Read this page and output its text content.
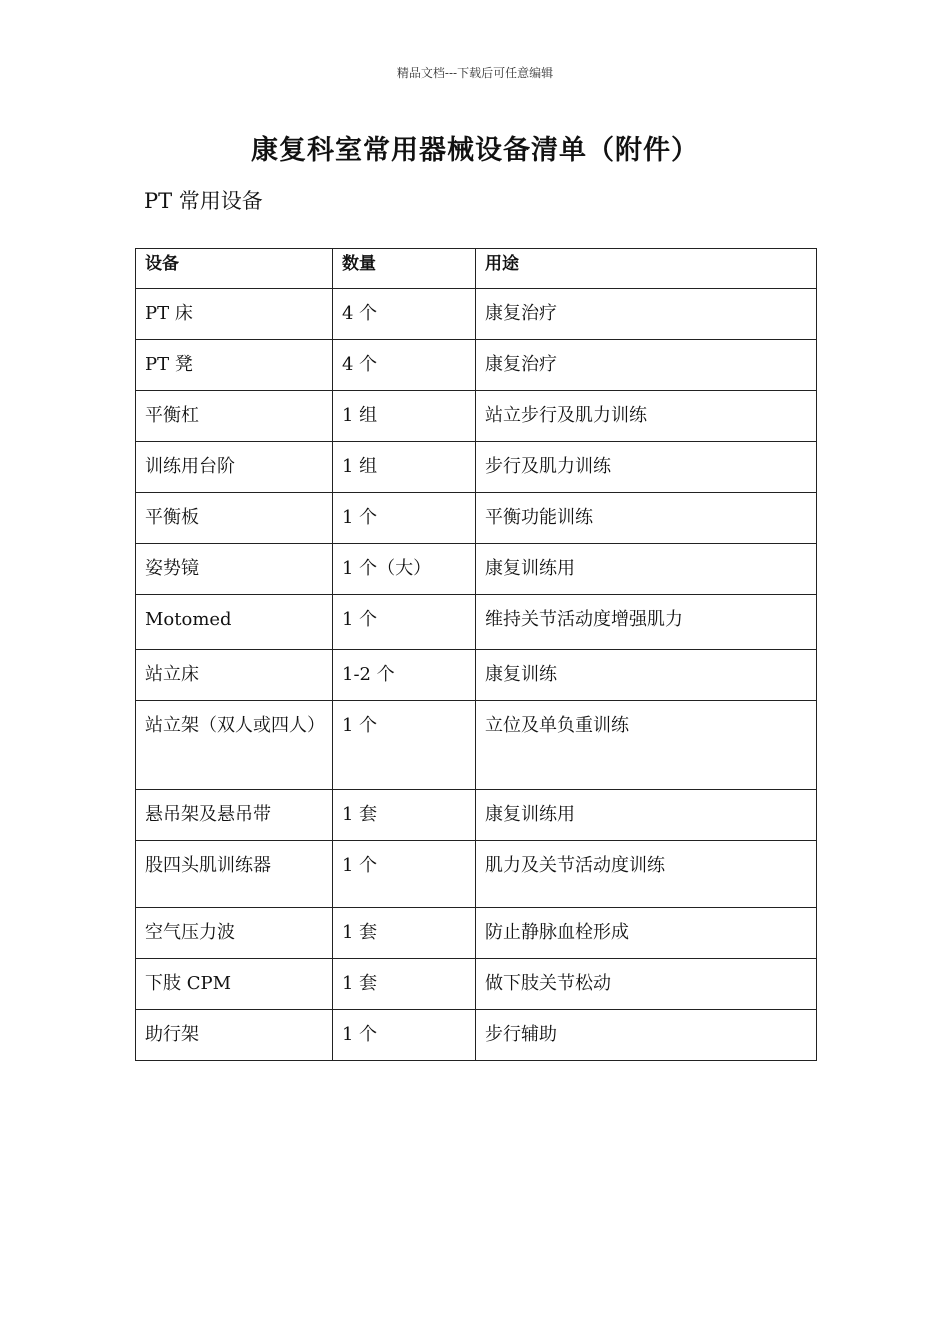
精品文档---下载后可任意编辑
康复科室常用器械设备清单（附件）
PT 常用设备
设备	数量	用途
PT 床	4 个	康复治疗
PT 凳	4 个	康复治疗
平衡杠	1 组	站立步行及肌力训练
训练用台阶	1 组	步行及肌力训练
平衡板	1 个	平衡功能训练
姿势镜	1 个（大）	康复训练用
Motomed	1 个	维持关节活动度增强肌力
站立床	1-2 个	康复训练
站立架（双人或四人）	1 个	立位及单负重训练
悬吊架及悬吊带	1 套	康复训练用
股四头肌训练器	1 个	肌力及关节活动度训练
空气压力波	1 套	防止静脉血栓形成
下肢 CPM	1 套	做下肢关节松动
助行架	1 个	步行辅助
